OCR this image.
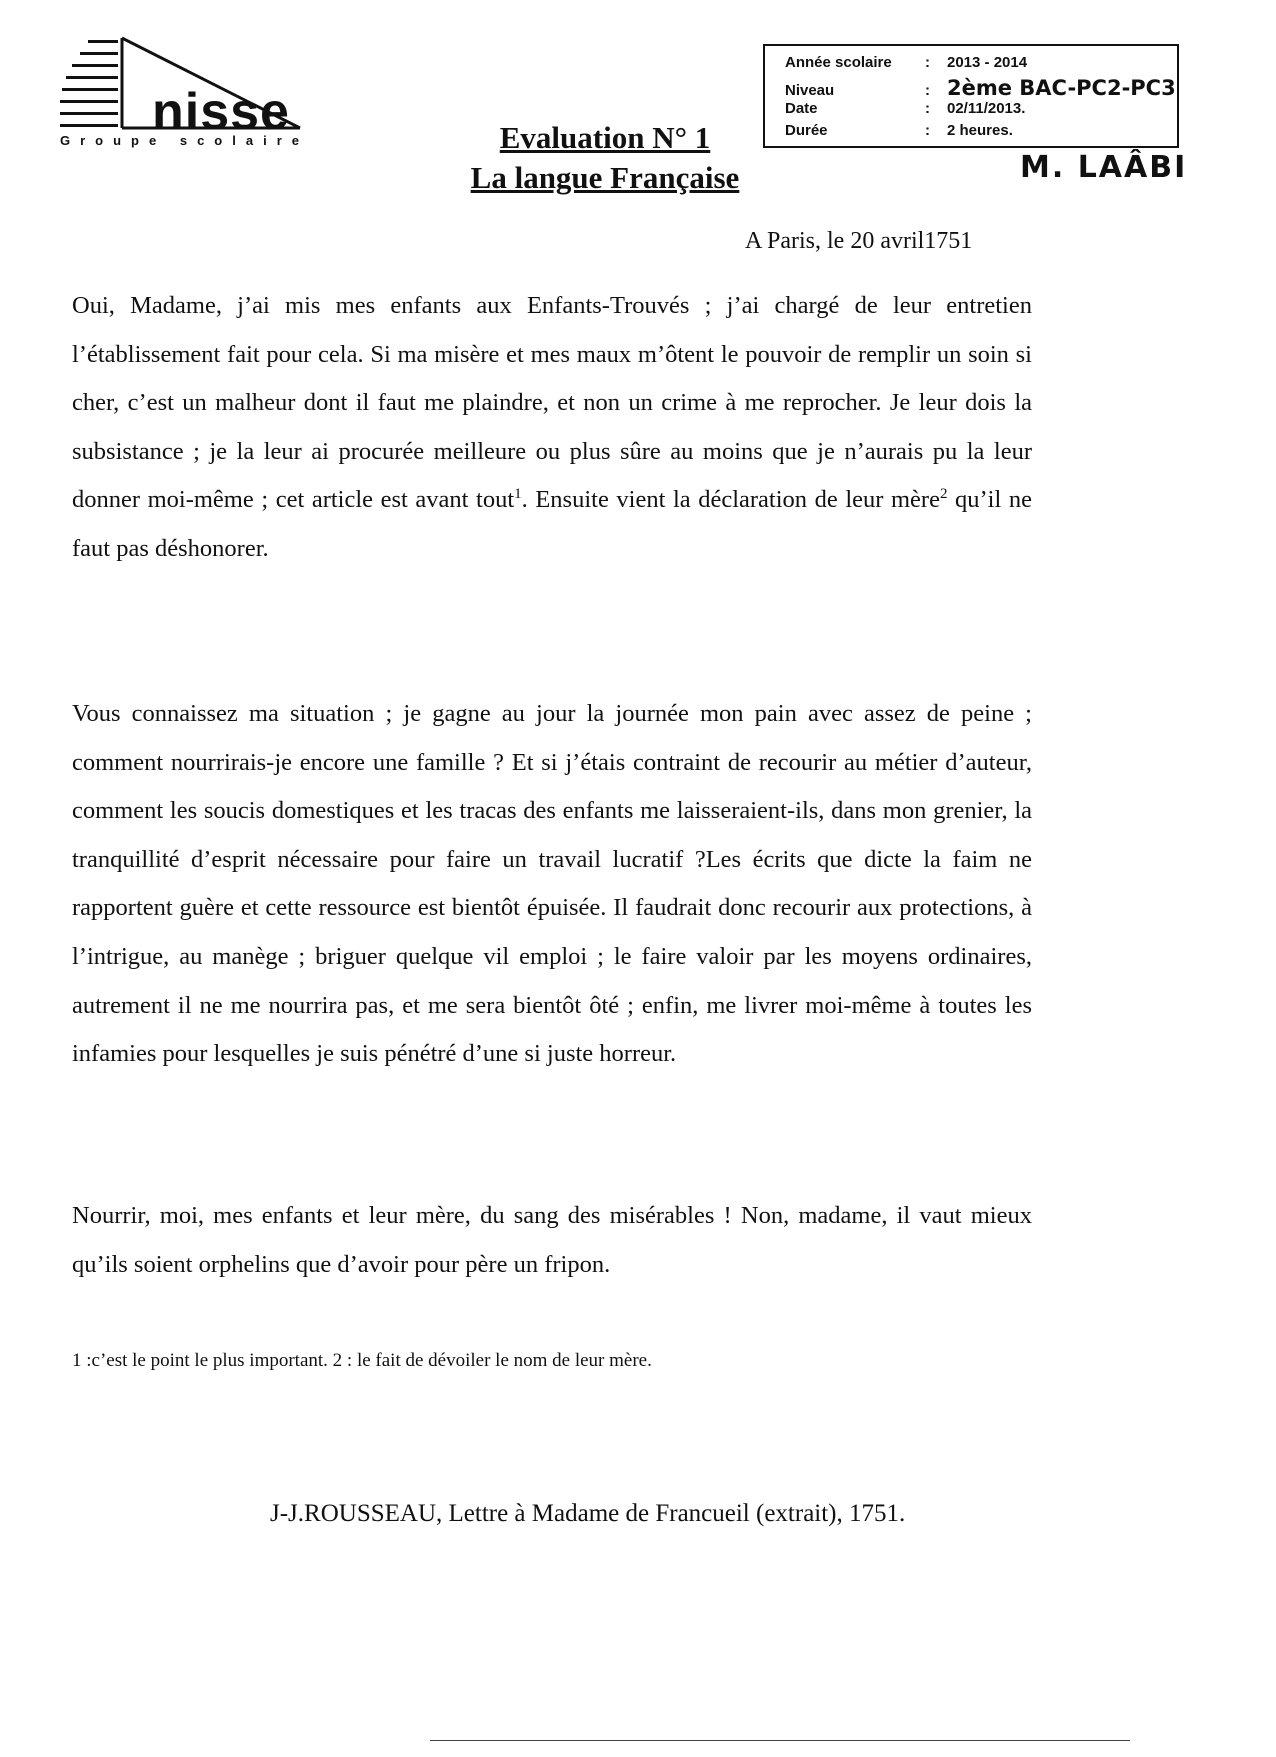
nisse
Groupe scolaire	Evaluation N° 1
La langue Française
Année scolaire : 2013 - 2014
Niveau	: 2ème BAC-PC2-PC3
Date	: 02/11/2013.
Durée	: 2 heures.
M. LAÂBI
A Paris, le 20 avril1751

Oui, Madame, j’ai mis mes enfants aux Enfants-Trouvés ; j’ai chargé de leur entretien l’établissement fait pour cela. Si ma misère et mes maux m’ôtent le pouvoir de remplir un soin si cher, c’est un malheur dont il faut me plaindre, et non un crime à me reprocher. Je leur dois la subsistance ; je la leur ai procurée meilleure ou plus sûre au moins que je n’aurais pu la leur donner moi-même ; cet article est avant tout$^1$. Ensuite vient la déclaration de leur mère$^2$ qu’il ne faut pas déshonorer.

Vous connaissez ma situation ; je gagne au jour la journée mon pain avec assez de peine ; comment nourrirais-je encore une famille ? Et si j’étais contraint de recourir au métier d’auteur, comment les soucis domestiques et les tracas des enfants me laisseraient-ils, dans mon grenier, la tranquillité d’esprit nécessaire pour faire un travail lucratif ?Les écrits que dicte la faim ne rapportent guère et cette ressource est bientôt épuisée. Il faudrait donc recourir aux protections, à l’intrigue, au manège ; briguer quelque vil emploi ; le faire valoir par les moyens ordinaires, autrement il ne me nourrira pas, et me sera bientôt ôté ; enfin, me livrer moi-même à toutes les infamies pour lesquelles je suis pénétré d’une si juste horreur.

Nourrir, moi, mes enfants et leur mère, du sang des misérables ! Non, madame, il vaut mieux qu’ils soient orphelins que d’avoir pour père un fripon.

1 :c’est le point le plus important. 2 : le fait de dévoiler le nom de leur mère.
J-J.ROUSSEAU, Lettre à Madame de Francueil (extrait), 1751.
